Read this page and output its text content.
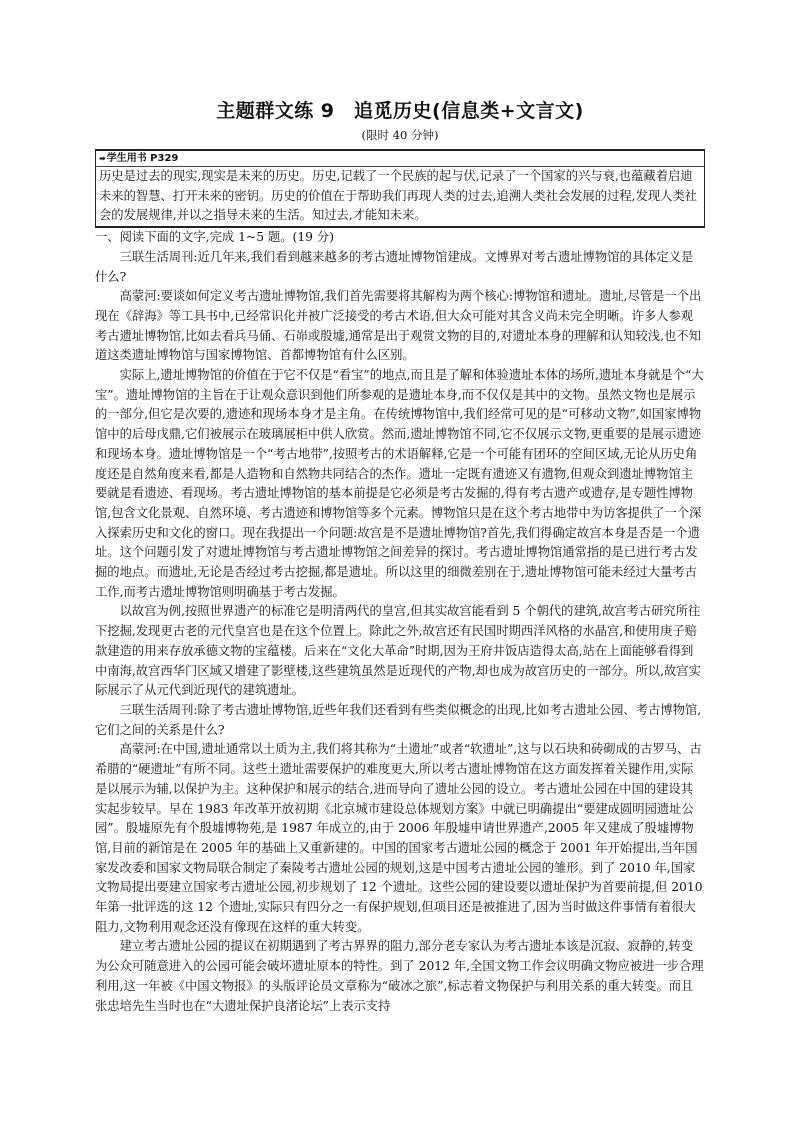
主题群文练 9　追觅历史(信息类+文言文)
(限时 40 分钟)
➡学生用书 P329
历史是过去的现实,现实是未来的历史。历史,记载了一个民族的起与伏,记录了一个国家的兴与衰,也蕴藏着启迪未来的智慧、打开未来的密钥。历史的价值在于帮助我们再现人类的过去,追溯人类社会发展的过程,发现人类社会的发展规律,并以之指导未来的生活。知过去,才能知未来。

一、阅读下面的文字,完成 1~5 题。(19 分)

三联生活周刊:近几年来,我们看到越来越多的考古遗址博物馆建成。文博界对考古遗址博物馆的具体定义是什么?

高蒙河:要谈如何定义考古遗址博物馆,我们首先需要将其解构为两个核心:博物馆和遗址。遗址,尽管是一个出现在《辞海》等工具书中,已经常识化并被广泛接受的考古术语,但大众可能对其含义尚未完全明晰。许多人参观考古遗址博物馆,比如去看兵马俑、石峁或殷墟,通常是出于观赏文物的目的,对遗址本身的理解和认知较浅,也不知道这类遗址博物馆与国家博物馆、首都博物馆有什么区别。

实际上,遗址博物馆的价值在于它不仅是“看宝”的地点,而且是了解和体验遗址本体的场所,遗址本身就是个“大宝”。遗址博物馆的主旨在于让观众意识到他们所参观的是遗址本身,而不仅仅是其中的文物。虽然文物也是展示的一部分,但它是次要的,遗迹和现场本身才是主角。在传统博物馆中,我们经常可见的是“可移动文物”,如国家博物馆中的后母戊鼎,它们被展示在玻璃展柜中供人欣赏。然而,遗址博物馆不同,它不仅展示文物,更重要的是展示遗迹和现场本身。遗址博物馆是一个“考古地带”,按照考古的术语解释,它是一个可能有团环的空间区域,无论从历史角度还是自然角度来看,都是人造物和自然物共同结合的杰作。遗址一定既有遗迹又有遗物,但观众到遗址博物馆主要就是看遗迹、看现场。考古遗址博物馆的基本前提是它必须是考古发掘的,得有考古遗产或遗存,是专题性博物馆,包含文化景观、自然环境、考古遗迹和博物馆等多个元素。博物馆只是在这个考古地带中为访客提供了一个深入探索历史和文化的窗口。现在我提出一个问题:故宫是不是遗址博物馆?首先,我们得确定故宫本身是否是一个遗址。这个问题引发了对遗址博物馆与考古遗址博物馆之间差异的探讨。考古遗址博物馆通常指的是已进行考古发掘的地点。而遗址,无论是否经过考古挖掘,都是遗址。所以这里的细微差别在于,遗址博物馆可能未经过大量考古工作,而考古遗址博物馆则明确基于考古发掘。

以故宫为例,按照世界遗产的标准它是明清两代的皇宫,但其实故宫能看到 5 个朝代的建筑,故宫考古研究所往下挖掘,发现更古老的元代皇宫也是在这个位置上。除此之外,故宫还有民国时期西洋风格的水晶宫,和使用庚子赔款建造的用来存放承德文物的宝蕴楼。后来在“文化大革命”时期,因为王府井饭店造得太高,站在上面能够看得到中南海,故宫西华门区域又增建了影壁楼,这些建筑虽然是近现代的产物,却也成为故宫历史的一部分。所以,故宫实际展示了从元代到近现代的建筑遗址。

三联生活周刊:除了考古遗址博物馆,近些年我们还看到有些类似概念的出现,比如考古遗址公园、考古博物馆,它们之间的关系是什么?

高蒙河:在中国,遗址通常以土质为主,我们将其称为“土遗址”或者“软遗址”,这与以石块和砖砌成的古罗马、古希腊的“硬遗址”有所不同。这些土遗址需要保护的难度更大,所以考古遗址博物馆在这方面发挥着关键作用,实际是以展示为辅,以保护为主。这种保护和展示的结合,进而导向了遗址公园的设立。考古遗址公园在中国的建设其实起步较早。早在 1983 年改革开放初期《北京城市建设总体规划方案》中就已明确提出“要建成圆明园遗址公园”。殷墟原先有个殷墟博物苑,是 1987 年成立的,由于 2006 年殷墟申请世界遗产,2005 年又建成了殷墟博物馆,目前的新馆是在 2005 年的基础上又重新建的。中国的国家考古遗址公园的概念于 2001 年开始提出,当年国家发改委和国家文物局联合制定了秦陵考古遗址公园的规划,这是中国考古遗址公园的雏形。到了 2010 年,国家文物局提出要建立国家考古遗址公园,初步规划了 12 个遗址。这些公园的建设要以遗址保护为首要前提,但 2010 年第一批评选的这 12 个遗址,实际只有四分之一有保护规划,但项目还是被推进了,因为当时做这件事情有着很大阻力,文物利用观念还没有像现在这样的重大转变。

建立考古遗址公园的提议在初期遇到了考古界界的阻力,部分老专家认为考古遗址本该是沉寂、寂静的,转变为公众可随意进入的公园可能会破坏遗址原本的特性。到了 2012 年,全国文物工作会议明确文物应被进一步合理利用,这一年被《中国文物报》的头版评论员文章称为“破冰之旅”,标志着文物保护与利用关系的重大转变。而且张忠培先生当时也在“大遗址保护良渚论坛”上表示支持
